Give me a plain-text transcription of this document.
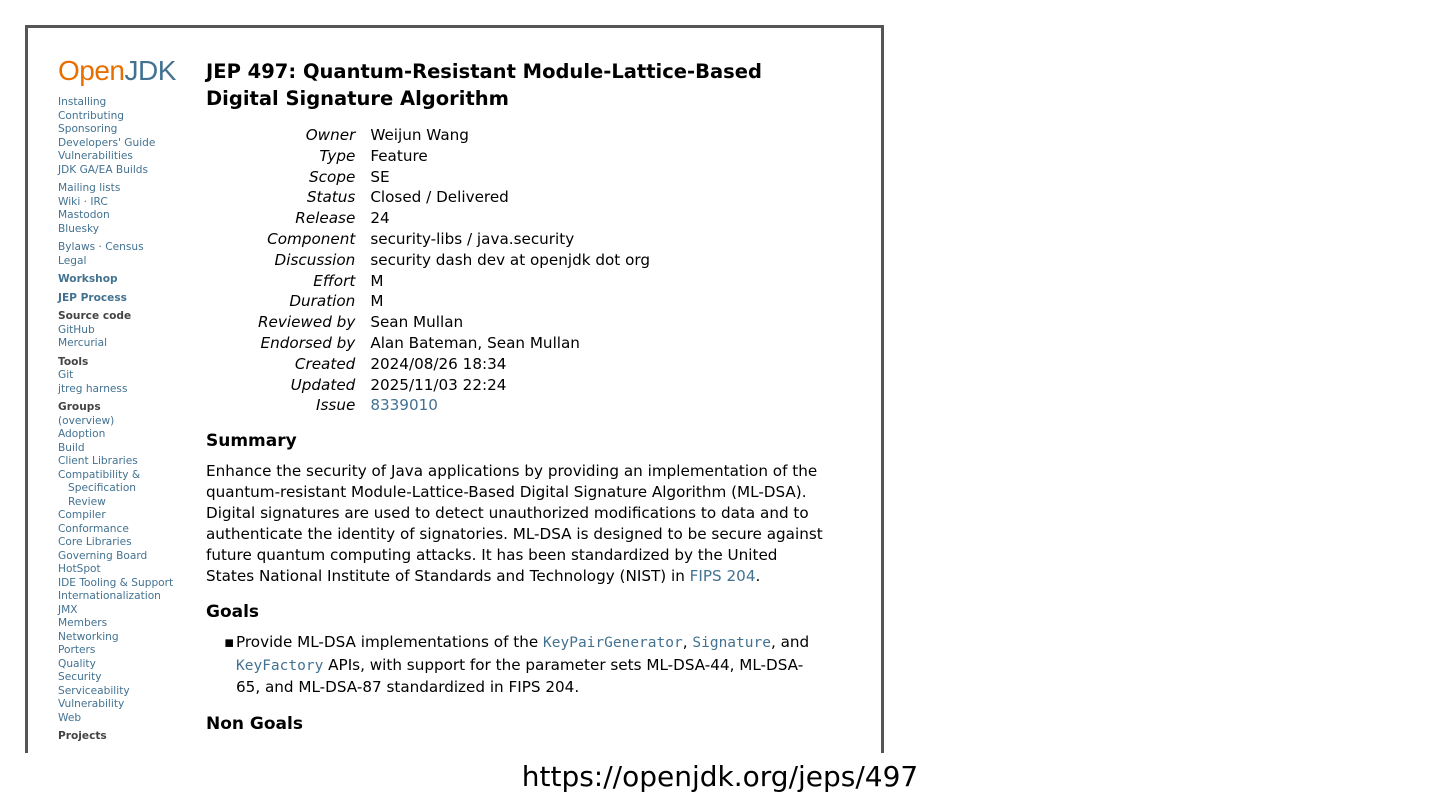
OpenJDK
Installing
Contributing
Sponsoring
Developers' Guide
Vulnerabilities
JDK GA/EA Builds
Mailing lists
Wiki · IRC
Mastodon
Bluesky
Bylaws · Census
Legal
Workshop
JEP Process
Source code
GitHub
Mercurial
Tools
Git
jtreg harness
Groups
(overview)
Adoption
Build
Client Libraries
Compatibility &
Specification
Review
Compiler
Conformance
Core Libraries
Governing Board
HotSpot
IDE Tooling & Support
Internationalization
JMX
Members
Networking
Porters
Quality
Security
Serviceability
Vulnerability
Web
Projects
JEP 497: Quantum-Resistant Module-Lattice-Based Digital Signature Algorithm
Owner	Weijun Wang
Type	Feature
Scope	SE
Status	Closed / Delivered
Release	24
Component	security-libs / java.security
Discussion	security dash dev at openjdk dot org
Effort	M
Duration	M
Reviewed by	Sean Mullan
Endorsed by	Alan Bateman, Sean Mullan
Created	2024/08/26 18:34
Updated	2025/11/03 22:24
Issue	8339010
Summary

Enhance the security of Java applications by providing an implementation of the quantum-resistant Module-Lattice-Based Digital Signature Algorithm (ML-DSA). Digital signatures are used to detect unauthorized modifications to data and to authenticate the identity of signatories. ML-DSA is designed to be secure against future quantum computing attacks. It has been standardized by the United States National Institute of Standards and Technology (NIST) in FIPS 204.

Goals
▪ Provide ML-DSA implementations of the KeyPairGenerator, Signature, and KeyFactory APIs, with support for the parameter sets ML-DSA-44, ML-DSA-65, and ML-DSA-87 standardized in FIPS 204.
Non Goals
https://openjdk.org/jeps/497
